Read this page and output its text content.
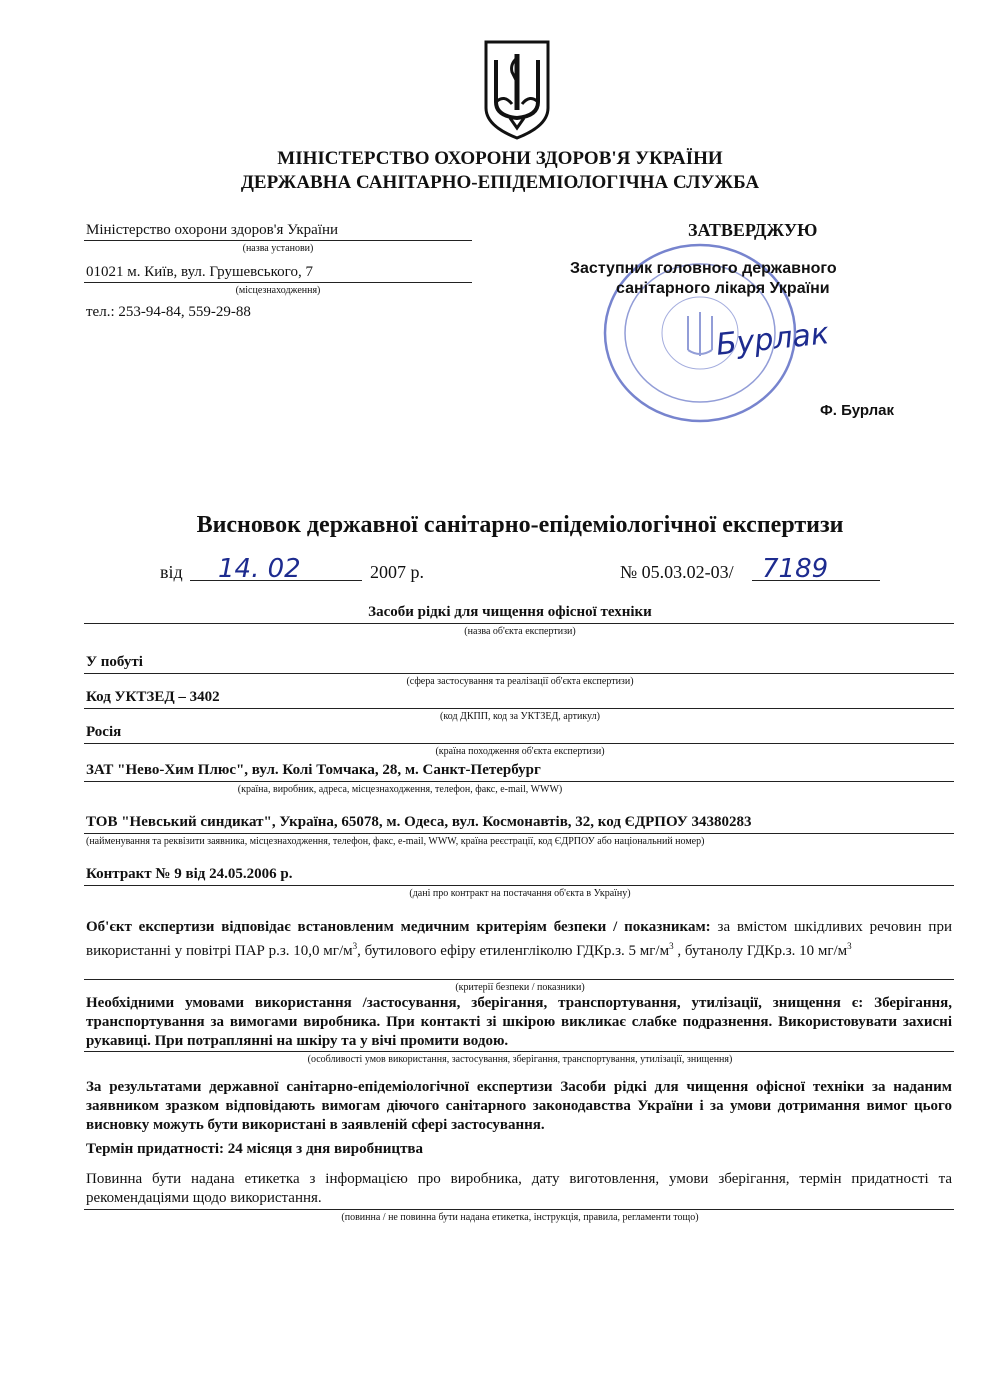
МІНІСТЕРСТВО ОХОРОНИ ЗДОРОВ'Я УКРАЇНИ
ДЕРЖАВНА САНІТАРНО-ЕПІДЕМІОЛОГІЧНА СЛУЖБА
Міністерство охорони здоров'я України
(назва установи)
01021 м. Київ, вул. Грушевського, 7
(місцезнаходження)
тел.: 253-94-84, 559-29-88
ЗАТВЕРДЖУЮ
Заступник головного державного
санітарного лікаря України
Бурлак
Ф. Бурлак
Висновок державної санітарно-епідеміологічної експертизи
від 14. 02	2007 р.	№ 05.03.02-03/ 7189
Засоби рідкі для чищення офісної техніки
(назва об'єкта експертизи)
У побуті
(сфера застосування та реалізації об'єкта експертизи)
Код УКТЗЕД – 3402
(код ДКПП, код за УКТЗЕД, артикул)
Росія
(країна походження об'єкта експертизи)
ЗАТ "Нево-Хим Плюс", вул. Колі Томчака, 28, м. Санкт-Петербург
(країна, виробник, адреса, місцезнаходження, телефон, факс, e-mail, WWW)
ТОВ "Невський синдикат", Україна, 65078, м. Одеса, вул. Космонавтів, 32, код ЄДРПОУ 34380283
(найменування та реквізити заявника, місцезнаходження, телефон, факс, e-mail, WWW, країна реєстрації, код ЄДРПОУ або національний номер)
Контракт № 9 від 24.05.2006 р.
(дані про контракт на постачання об'єкта в Україну)
Об'єкт експертизи відповідає встановленим медичним критеріям безпеки / показникам: за вмістом шкідливих речовин при використанні у повітрі ПАР р.з. 10,0 $мг/м^3$, бутилового ефіру етиленгліколю ГДКр.з. 5 $мг/м^3$ , бутанолу ГДКр.з. 10 $мг/м^3$
(критерії безпеки / показники)
Необхідними умовами використання /застосування, зберігання, транспортування, утилізації, знищення є: Зберігання, транспортування за вимогами виробника. При контакті зі шкірою викликає слабке подразнення. Використовувати захисні рукавиці. При потраплянні на шкіру та у вічі промити водою.
(особливості умов використання, застосування, зберігання, транспортування, утилізації, знищення)
За результатами державної санітарно-епідеміологічної експертизи Засоби рідкі для чищення офісної техніки за наданим заявником зразком відповідають вимогам діючого санітарного законодавства України і за умови дотримання вимог цього висновку можуть бути використані в заявленій сфері застосування.
Термін придатності: 24 місяця з дня виробництва
Повинна бути надана етикетка з інформацією про виробника, дату виготовлення, умови зберігання, термін придатності та рекомендаціями щодо використання.
(повинна / не повинна бути надана етикетка, інструкція, правила, регламенти тощо)
